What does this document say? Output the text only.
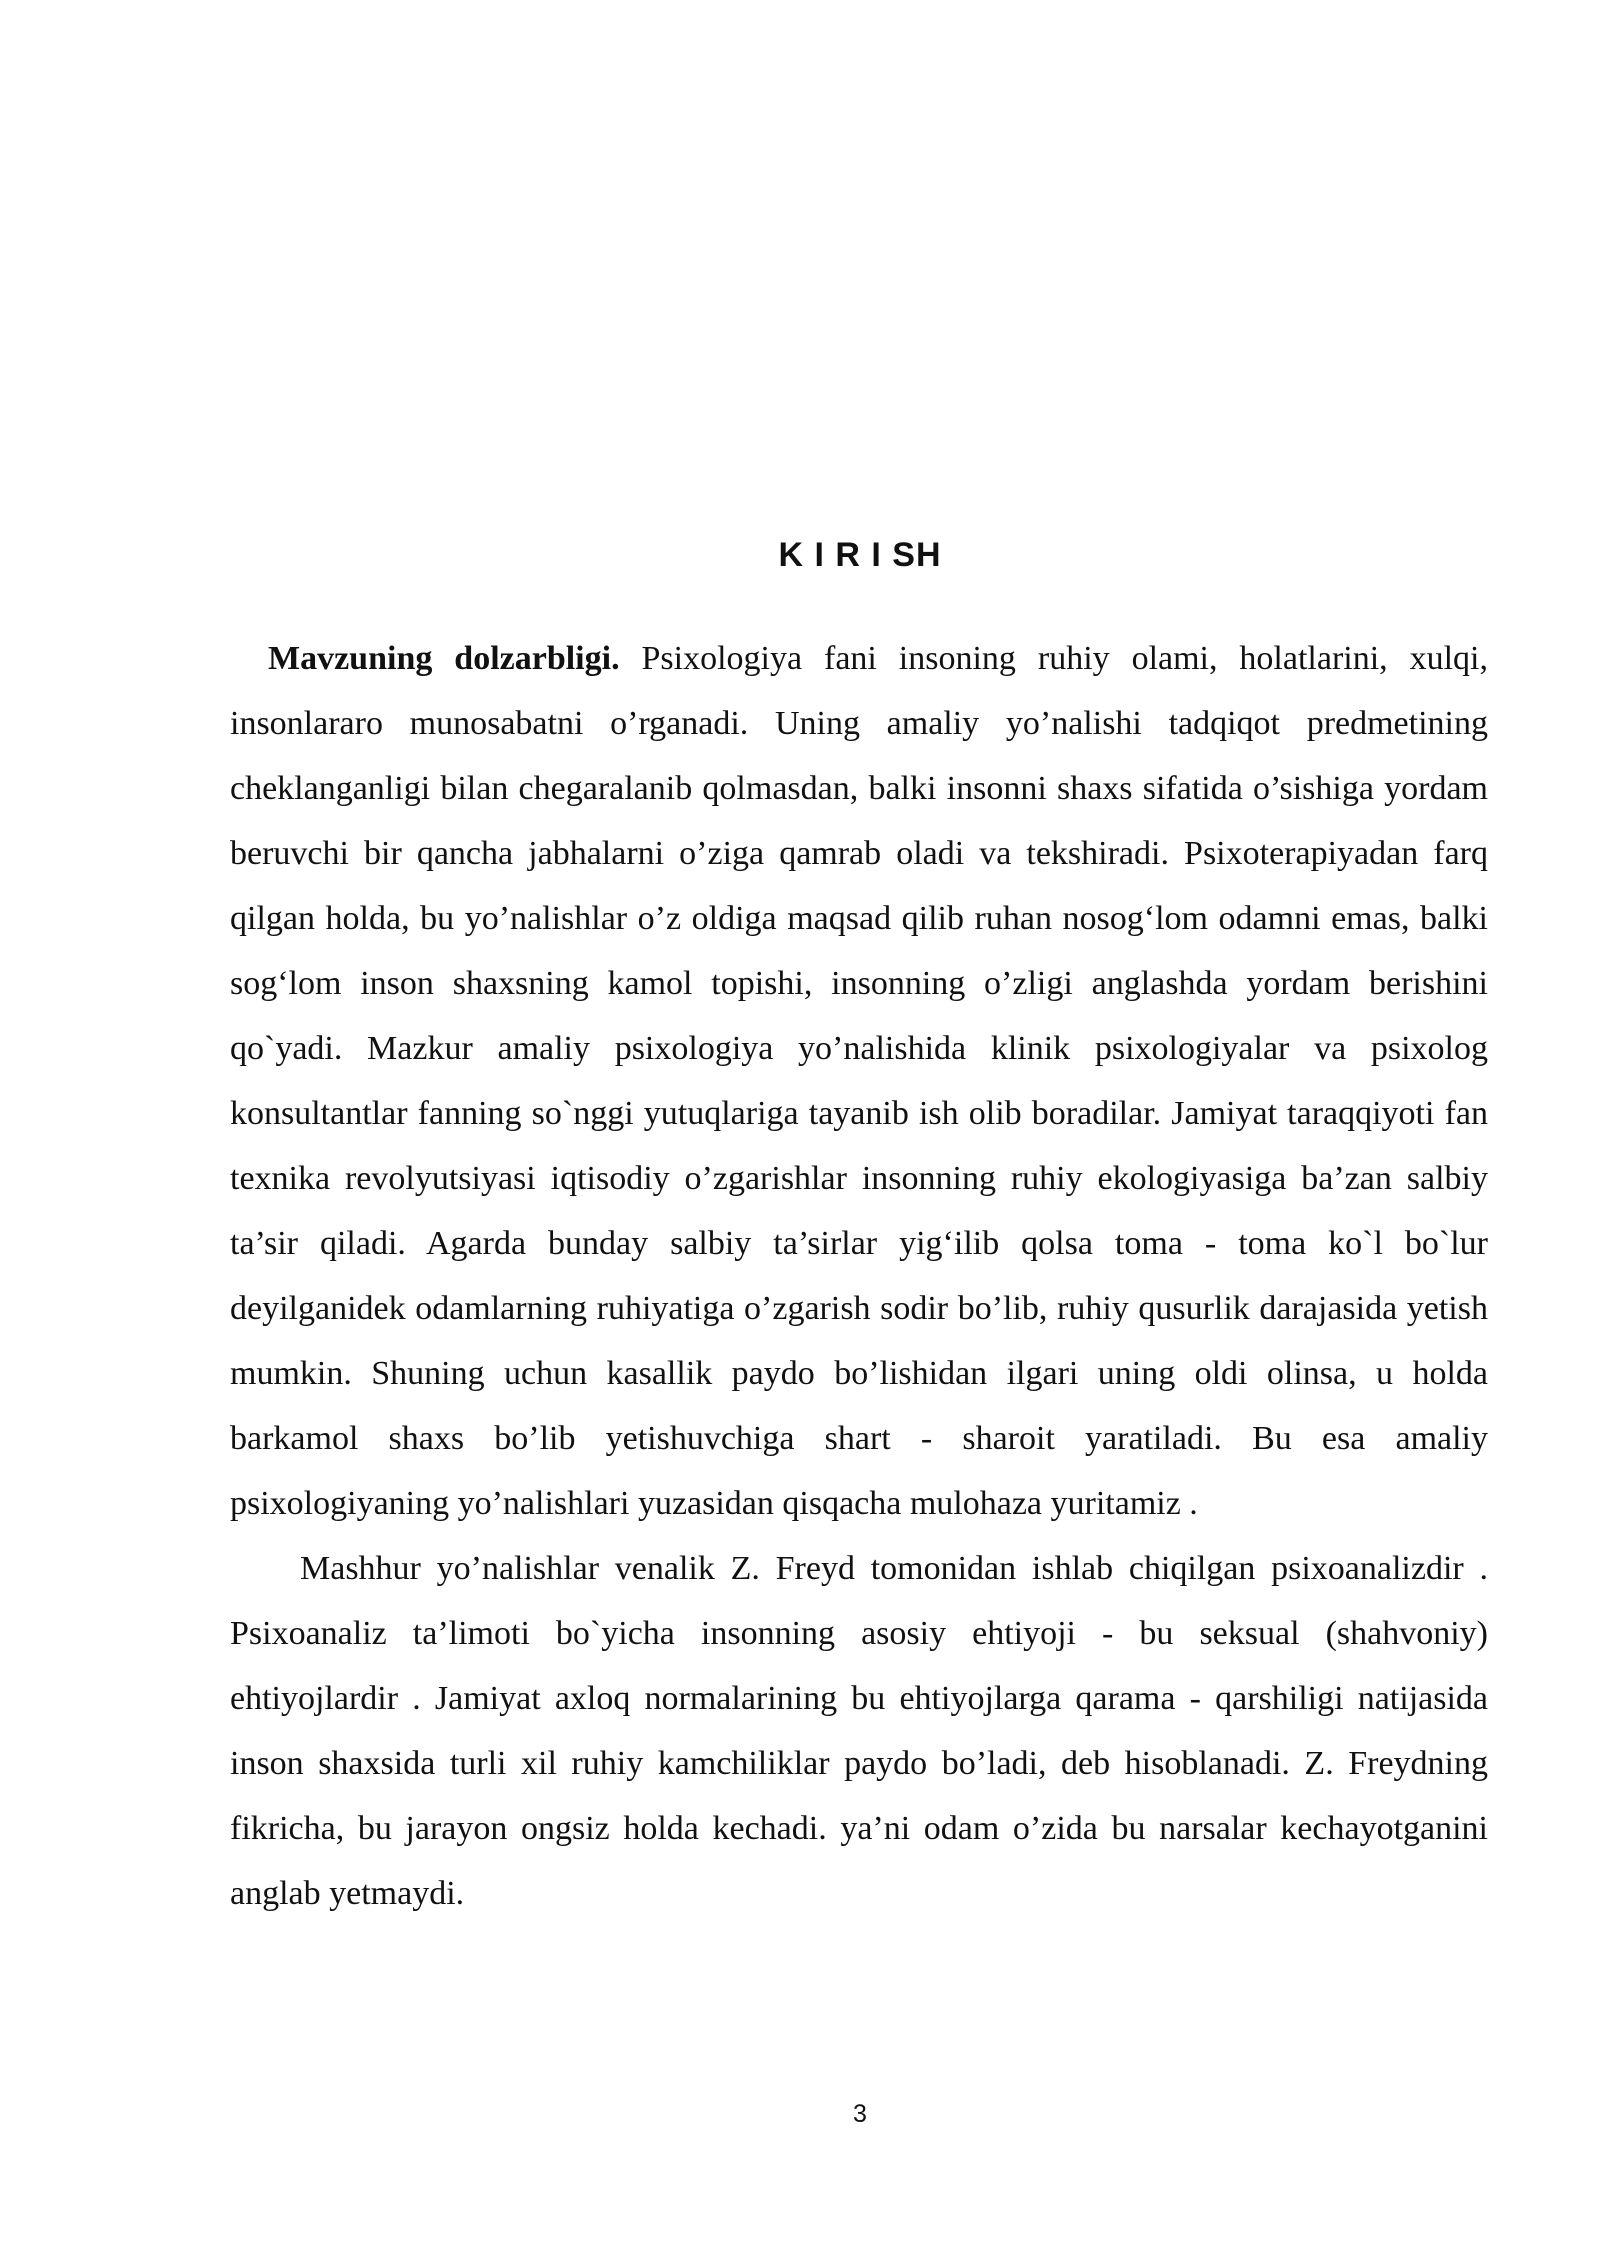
K I R I SH

Mavzuning dolzarbligi. Psixologiya fani insoning ruhiy olami, holatlarini, xulqi, insonlararo munosabatni o’rganadi. Uning amaliy yo’nalishi tadqiqot predmetining cheklanganligi bilan chegaralanib qolmasdan, balki insonni shaxs sifatida o’sishiga yordam beruvchi bir qancha jabhalarni o’ziga qamrab oladi va tekshiradi. Psixoterapiyadan farq qilgan holda, bu yo’nalishlar o’z oldiga maqsad qilib ruhan nosog‘lom odamni emas, balki sog‘lom inson shaxsning kamol topishi, insonning o’zligi anglashda yordam berishini qo`yadi. Mazkur amaliy psixologiya yo’nalishida klinik psixologiyalar va psixolog konsultantlar fanning so`nggi yutuqlariga tayanib ish olib boradilar. Jamiyat taraqqiyoti fan texnika revolyutsiyasi iqtisodiy o’zgarishlar insonning ruhiy ekologiyasiga ba’zan salbiy ta’sir qiladi. Agarda bunday salbiy ta’sirlar yig‘ilib qolsa toma - toma ko`l bo`lur deyilganidek odamlarning ruhiyatiga o’zgarish sodir bo’lib, ruhiy qusurlik darajasida yetish mumkin. Shuning uchun kasallik paydo bo’lishidan ilgari uning oldi olinsa, u holda barkamol shaxs bo’lib yetishuvchiga shart - sharoit yaratiladi. Bu esa amaliy psixologiyaning yo’nalishlari yuzasidan qisqacha mulohaza yuritamiz .

Mashhur yo’nalishlar venalik Z. Freyd tomonidan ishlab chiqilgan psixoanalizdir . Psixoanaliz ta’limoti bo`yicha insonning asosiy ehtiyoji - bu seksual (shahvoniy) ehtiyojlardir . Jamiyat axloq normalarining bu ehtiyojlarga qarama - qarshiligi natijasida inson shaxsida turli xil ruhiy kamchiliklar paydo bo’ladi, deb hisoblanadi. Z. Freydning fikricha, bu jarayon ongsiz holda kechadi. ya’ni odam o’zida bu narsalar kechayotganini anglab yetmaydi.

3
